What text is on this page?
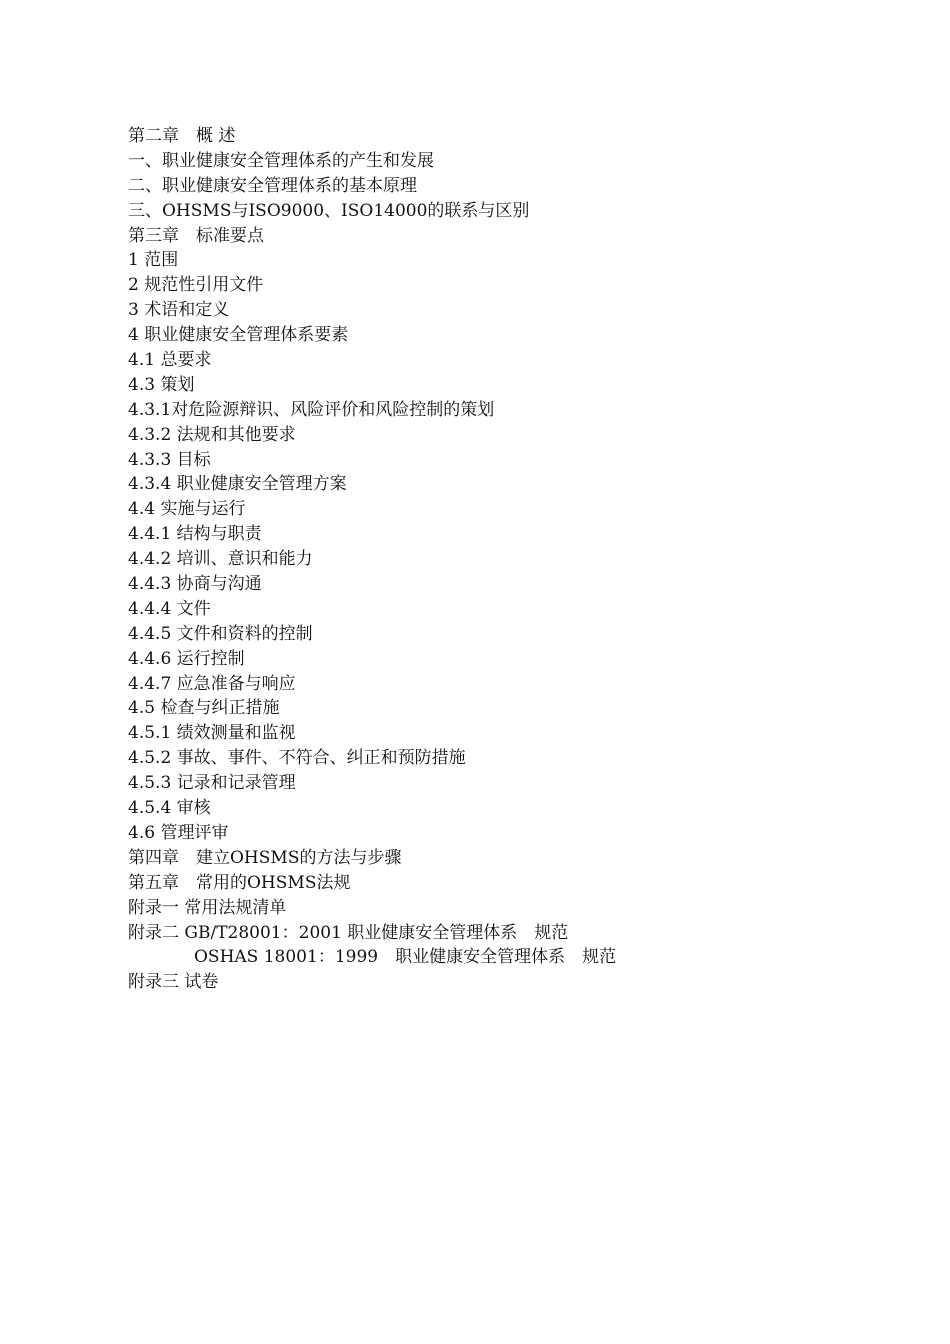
第二章　概 述
一、职业健康安全管理体系的产生和发展
二、职业健康安全管理体系的基本原理
三、OHSMS与ISO9000、ISO14000的联系与区别
第三章　标准要点
1 范围
2 规范性引用文件
3 术语和定义
4 职业健康安全管理体系要素
4.1 总要求
4.3 策划
4.3.1对危险源辩识、风险评价和风险控制的策划
4.3.2 法规和其他要求
4.3.3 目标
4.3.4 职业健康安全管理方案
4.4 实施与运行
4.4.1 结构与职责
4.4.2 培训、意识和能力
4.4.3 协商与沟通
4.4.4 文件
4.4.5 文件和资料的控制
4.4.6 运行控制
4.4.7 应急准备与响应
4.5 检查与纠正措施
4.5.1 绩效测量和监视
4.5.2 事故、事件、不符合、纠正和预防措施
4.5.3 记录和记录管理
4.5.4 审核
4.6 管理评审
第四章　建立OHSMS的方法与步骤
第五章　常用的OHSMS法规
附录一 常用法规清单
附录二 GB/T28001：2001 职业健康安全管理体系　规范
OSHAS 18001：1999　职业健康安全管理体系　规范
附录三 试卷
